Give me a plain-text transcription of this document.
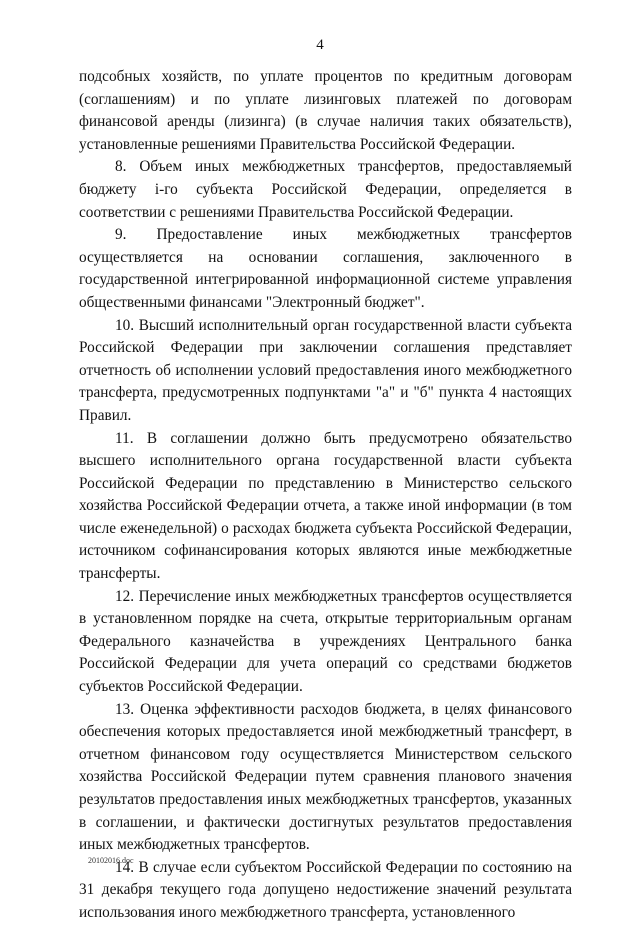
4

подсобных хозяйств, по уплате процентов по кредитным договорам (соглашениям) и по уплате лизинговых платежей по договорам финансовой аренды (лизинга) (в случае наличия таких обязательств), установленные решениями Правительства Российской Федерации.

8. Объем иных межбюджетных трансфертов, предоставляемый бюджету i-го субъекта Российской Федерации, определяется в соответствии с решениями Правительства Российской Федерации.

9. Предоставление иных межбюджетных трансфертов осуществляется на основании соглашения, заключенного в государственной интегрированной информационной системе управления общественными финансами "Электронный бюджет".

10. Высший исполнительный орган государственной власти субъекта Российской Федерации при заключении соглашения представляет отчетность об исполнении условий предоставления иного межбюджетного трансферта, предусмотренных подпунктами "а" и "б" пункта 4 настоящих Правил.

11. В соглашении должно быть предусмотрено обязательство высшего исполнительного органа государственной власти субъекта Российской Федерации по представлению в Министерство сельского хозяйства Российской Федерации отчета, а также иной информации (в том числе еженедельной) о расходах бюджета субъекта Российской Федерации, источником софинансирования которых являются иные межбюджетные трансферты.

12. Перечисление иных межбюджетных трансфертов осуществляется в установленном порядке на счета, открытые территориальным органам Федерального казначейства в учреждениях Центрального банка Российской Федерации для учета операций со средствами бюджетов субъектов Российской Федерации.

13. Оценка эффективности расходов бюджета, в целях финансового обеспечения которых предоставляется иной межбюджетный трансферт, в отчетном финансовом году осуществляется Министерством сельского хозяйства Российской Федерации путем сравнения планового значения результатов предоставления иных межбюджетных трансфертов, указанных в соглашении, и фактически достигнутых результатов предоставления иных межбюджетных трансфертов.

14. В случае если субъектом Российской Федерации по состоянию на 31 декабря текущего года допущено недостижение значений результата использования иного межбюджетного трансферта, установленного

20102016.doc
